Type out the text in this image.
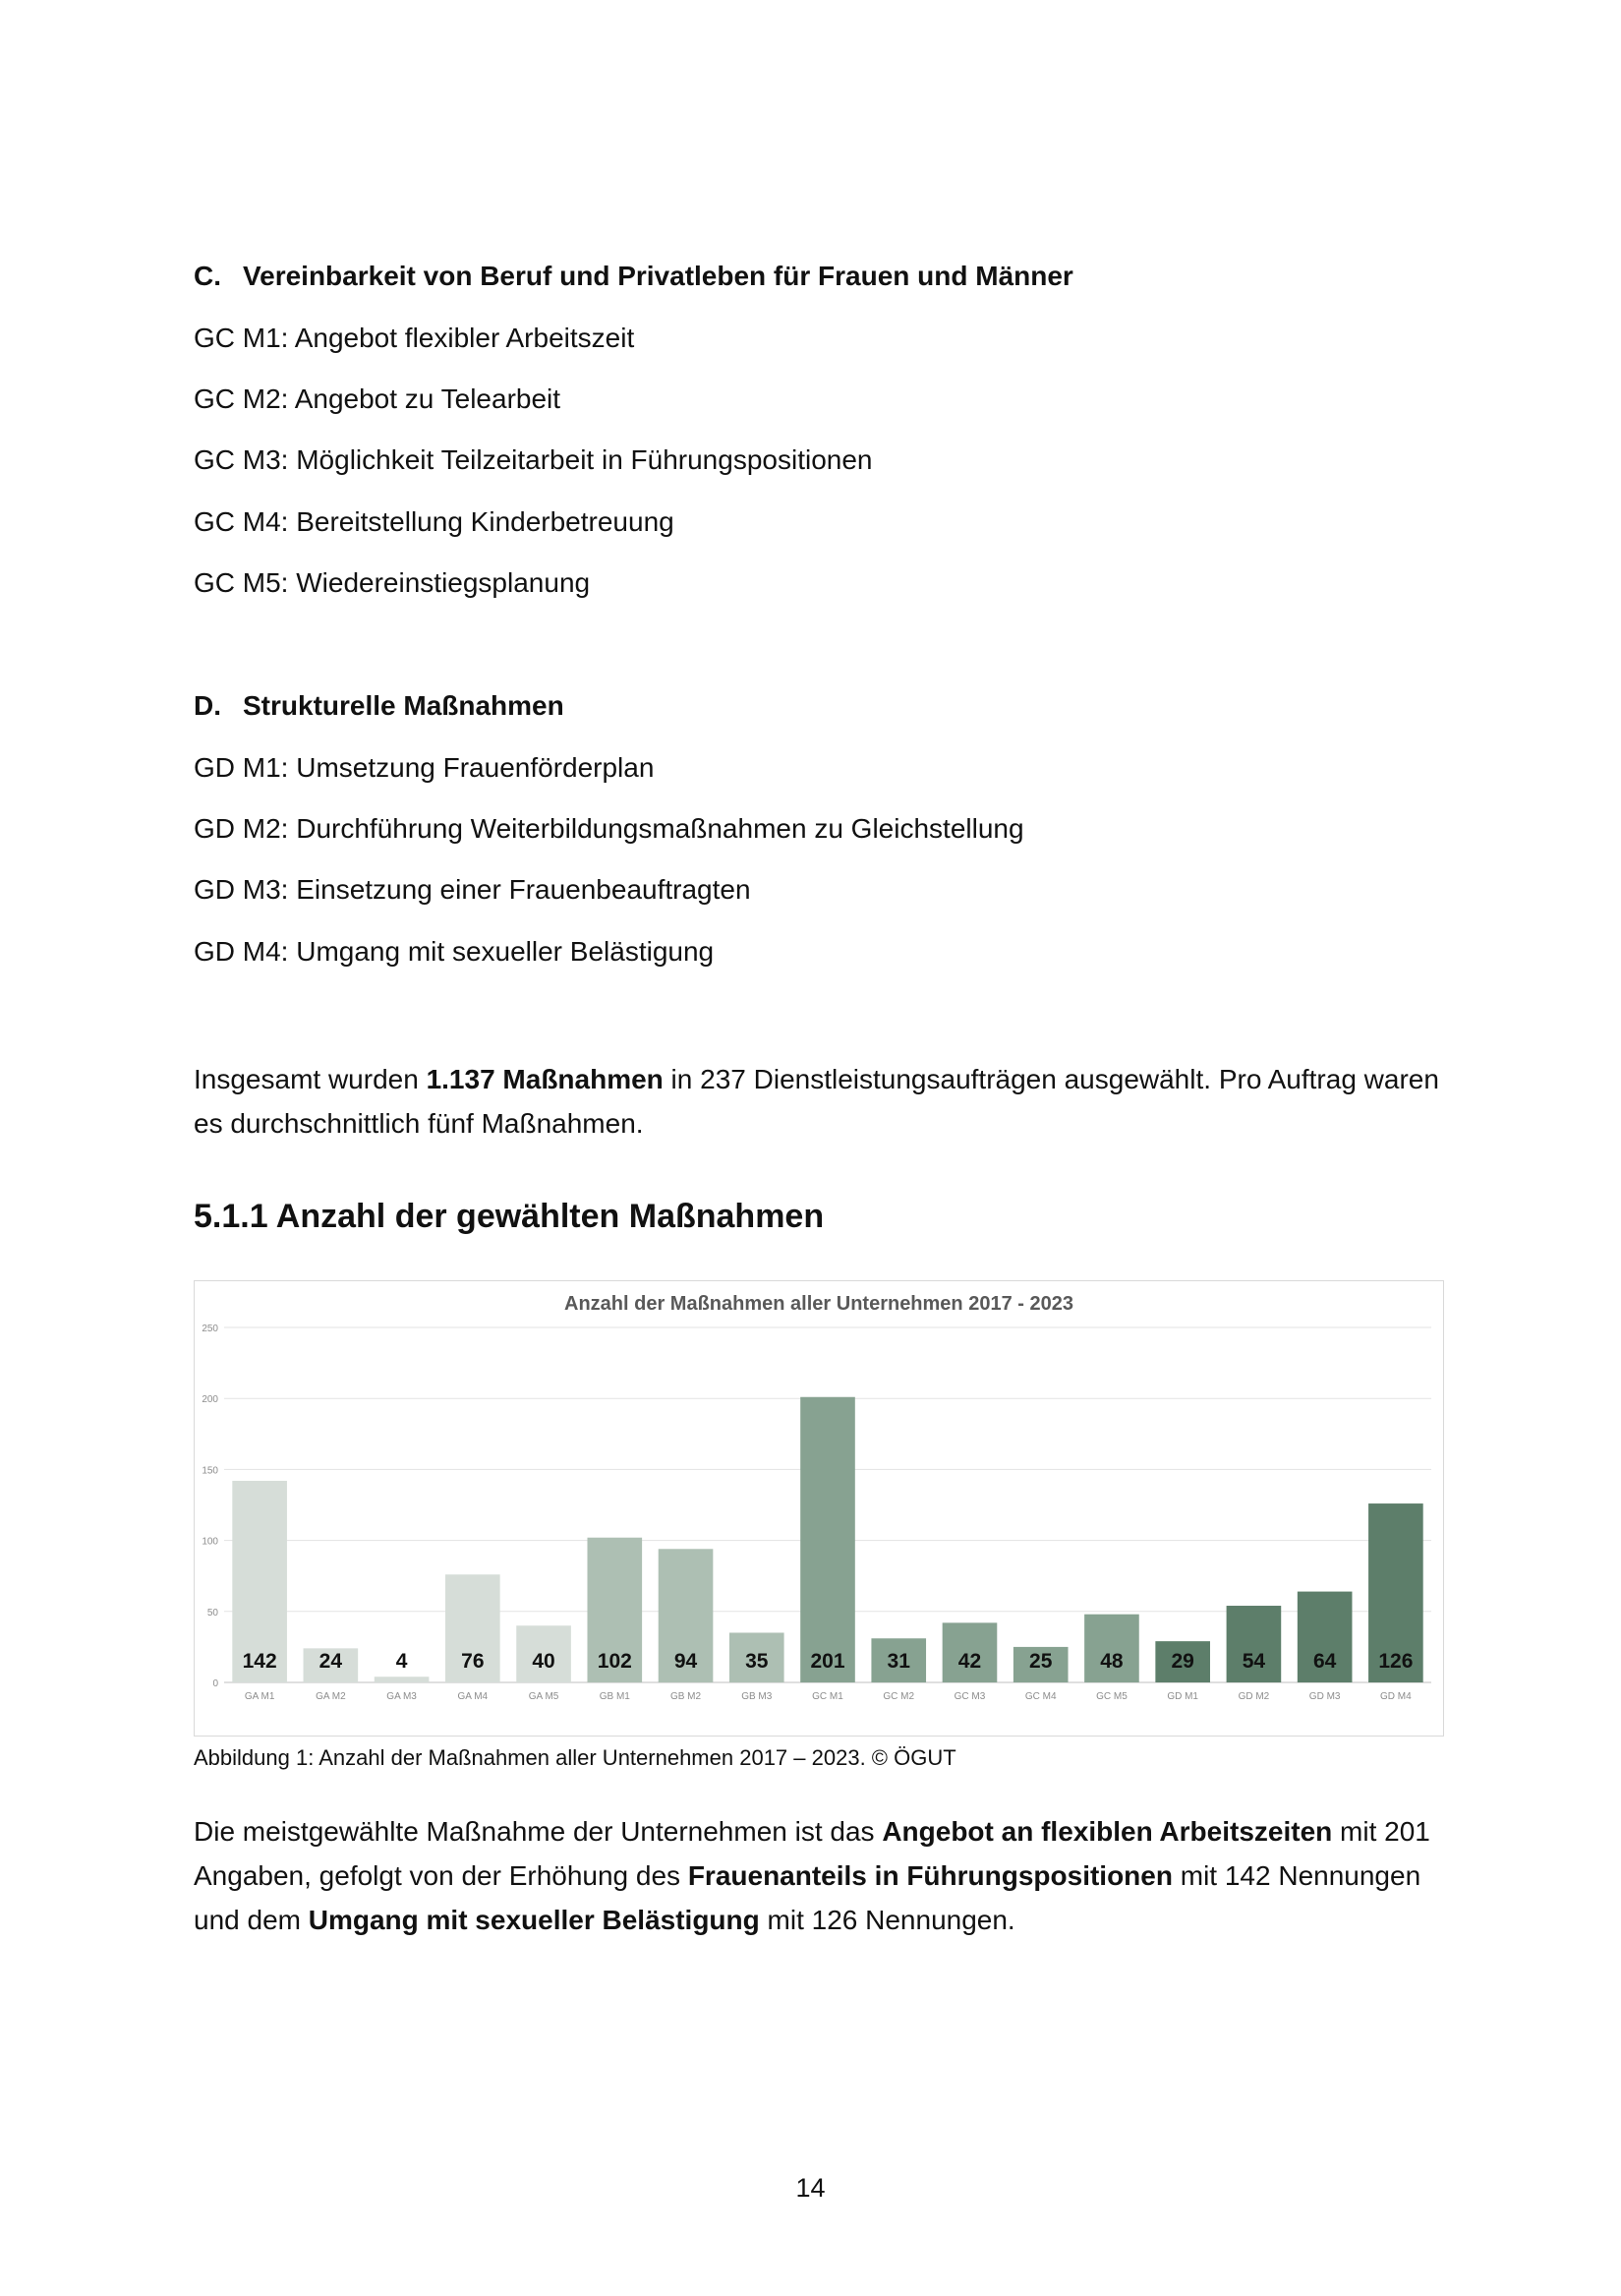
C. Vereinbarkeit von Beruf und Privatleben für Frauen und Männer
GC M1: Angebot flexibler Arbeitszeit
GC M2: Angebot zu Telearbeit
GC M3: Möglichkeit Teilzeitarbeit in Führungspositionen
GC M4: Bereitstellung Kinderbetreuung
GC M5: Wiedereinstiegsplanung
D. Strukturelle Maßnahmen
GD M1: Umsetzung Frauenförderplan
GD M2: Durchführung Weiterbildungsmaßnahmen zu Gleichstellung
GD M3: Einsetzung einer Frauenbeauftragten
GD M4: Umgang mit sexueller Belästigung
Insgesamt wurden 1.137 Maßnahmen in 237 Dienstleistungsaufträgen ausgewählt. Pro Auftrag waren es durchschnittlich fünf Maßnahmen.
5.1.1 Anzahl der gewählten Maßnahmen
Anzahl der Maßnahmen aller Unternehmen 2017 - 2023
0
50
100
150
200
250
142
GA M1
24
GA M2
4
GA M3
76
GA M4
40
GA M5
102
GB M1
94
GB M2
35
GB M3
201
GC M1
31
GC M2
42
GC M3
25
GC M4
48
GC M5
29
GD M1
54
GD M2
64
GD M3
126
GD M4
Abbildung 1: Anzahl der Maßnahmen aller Unternehmen 2017 – 2023. © ÖGUT
Die meistgewählte Maßnahme der Unternehmen ist das Angebot an flexiblen Arbeitszeiten mit 201 Angaben, gefolgt von der Erhöhung des Frauenanteils in Führungspositionen mit 142 Nennungen und dem Umgang mit sexueller Belästigung mit 126 Nennungen.
14
